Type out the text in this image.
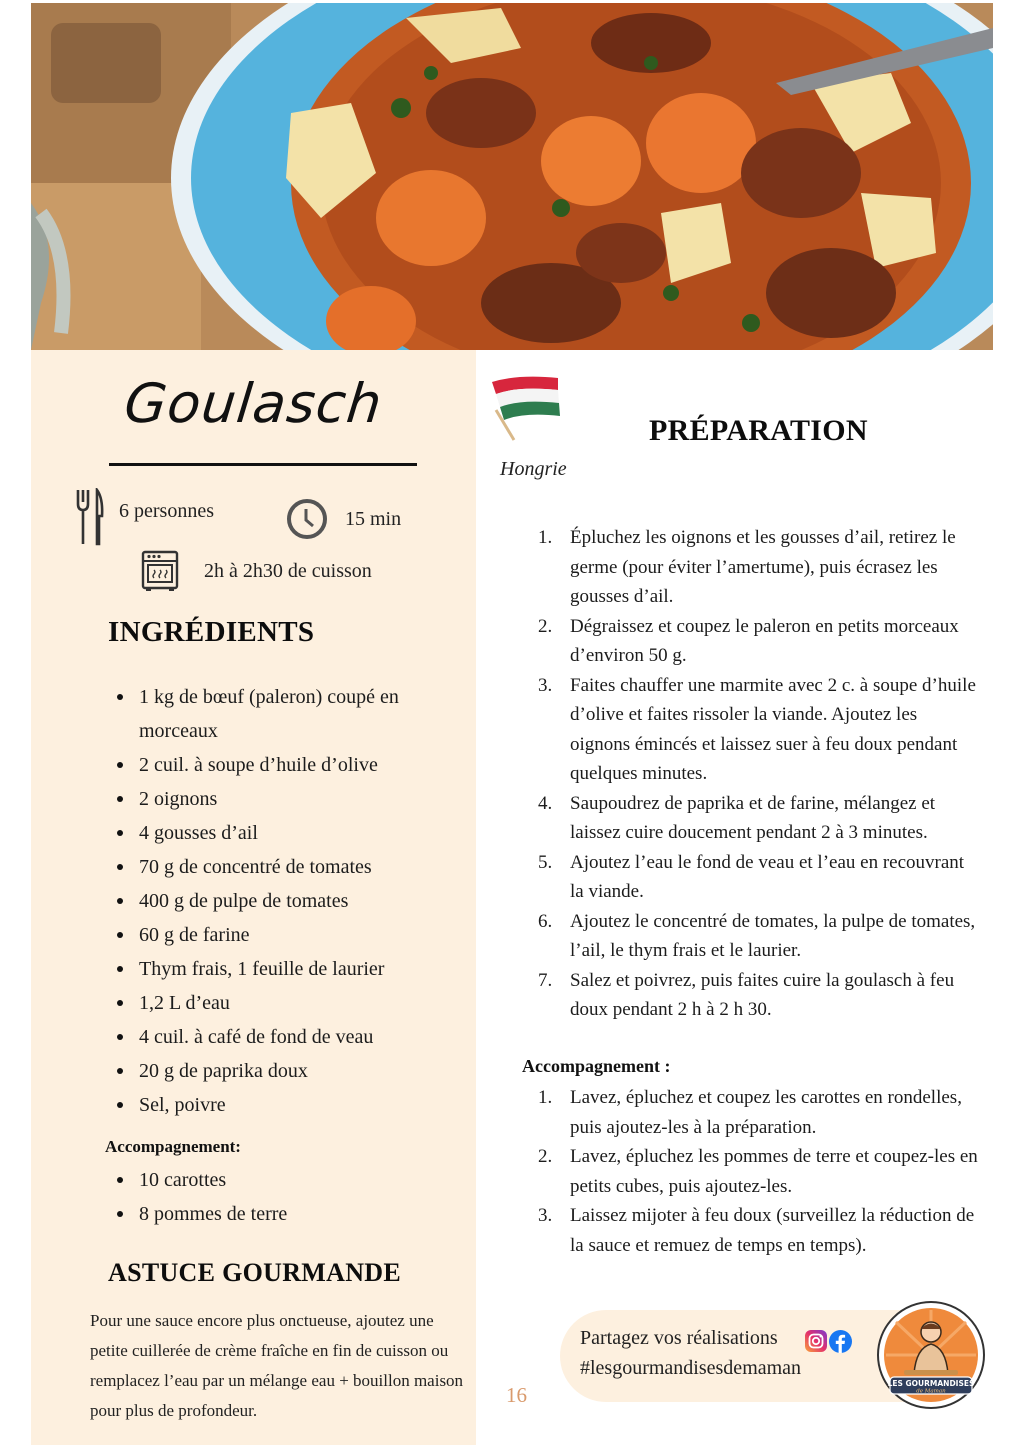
Goulasch
6 personnes	15 min
2h à 2h30 de cuisson
INGRÉDIENTS
1 kg de bœuf (paleron) coupé en morceaux
2 cuil. à soupe d’huile d’olive
2 oignons
4 gousses d’ail
70 g de concentré de tomates
400 g de pulpe de tomates
60 g de farine
Thym frais, 1 feuille de laurier
1,2 L d’eau
4 cuil. à café de fond de veau
20 g de paprika doux
Sel, poivre
Accompagnement:
10 carottes
8 pommes de terre
ASTUCE GOURMANDE
Pour une sauce encore plus onctueuse, ajoutez une petite cuillerée de crème fraîche en fin de cuisson ou remplacez l’eau par un mélange eau + bouillon maison pour plus de profondeur.
Hongrie
PRÉPARATION
1. Épluchez les oignons et les gousses d’ail, retirez le germe (pour éviter l’amertume), puis écrasez les gousses d’ail.
2. Dégraissez et coupez le paleron en petits morceaux d’environ 50 g.
3. Faites chauffer une marmite avec 2 c. à soupe d’huile d’olive et faites rissoler la viande. Ajoutez les oignons émincés et laissez suer à feu doux pendant quelques minutes.
4. Saupoudrez de paprika et de farine, mélangez et laissez cuire doucement pendant 2 à 3 minutes.
5. Ajoutez l’eau le fond de veau et l’eau en recouvrant la viande.
6. Ajoutez le concentré de tomates, la pulpe de tomates, l’ail, le thym frais et le laurier.
7. Salez et poivrez, puis faites cuire la goulasch à feu doux pendant 2 h à 2 h 30.
Accompagnement :
1. Lavez, épluchez et coupez les carottes en rondelles, puis ajoutez-les à la préparation.
2. Lavez, épluchez les pommes de terre et coupez-les en petits cubes, puis ajoutez-les.
3. Laissez mijoter à feu doux (surveillez la réduction de la sauce et remuez de temps en temps).
Partagez vos réalisations
#lesgourmandisesdemaman
LES GOURMANDISES
de Maman
16
